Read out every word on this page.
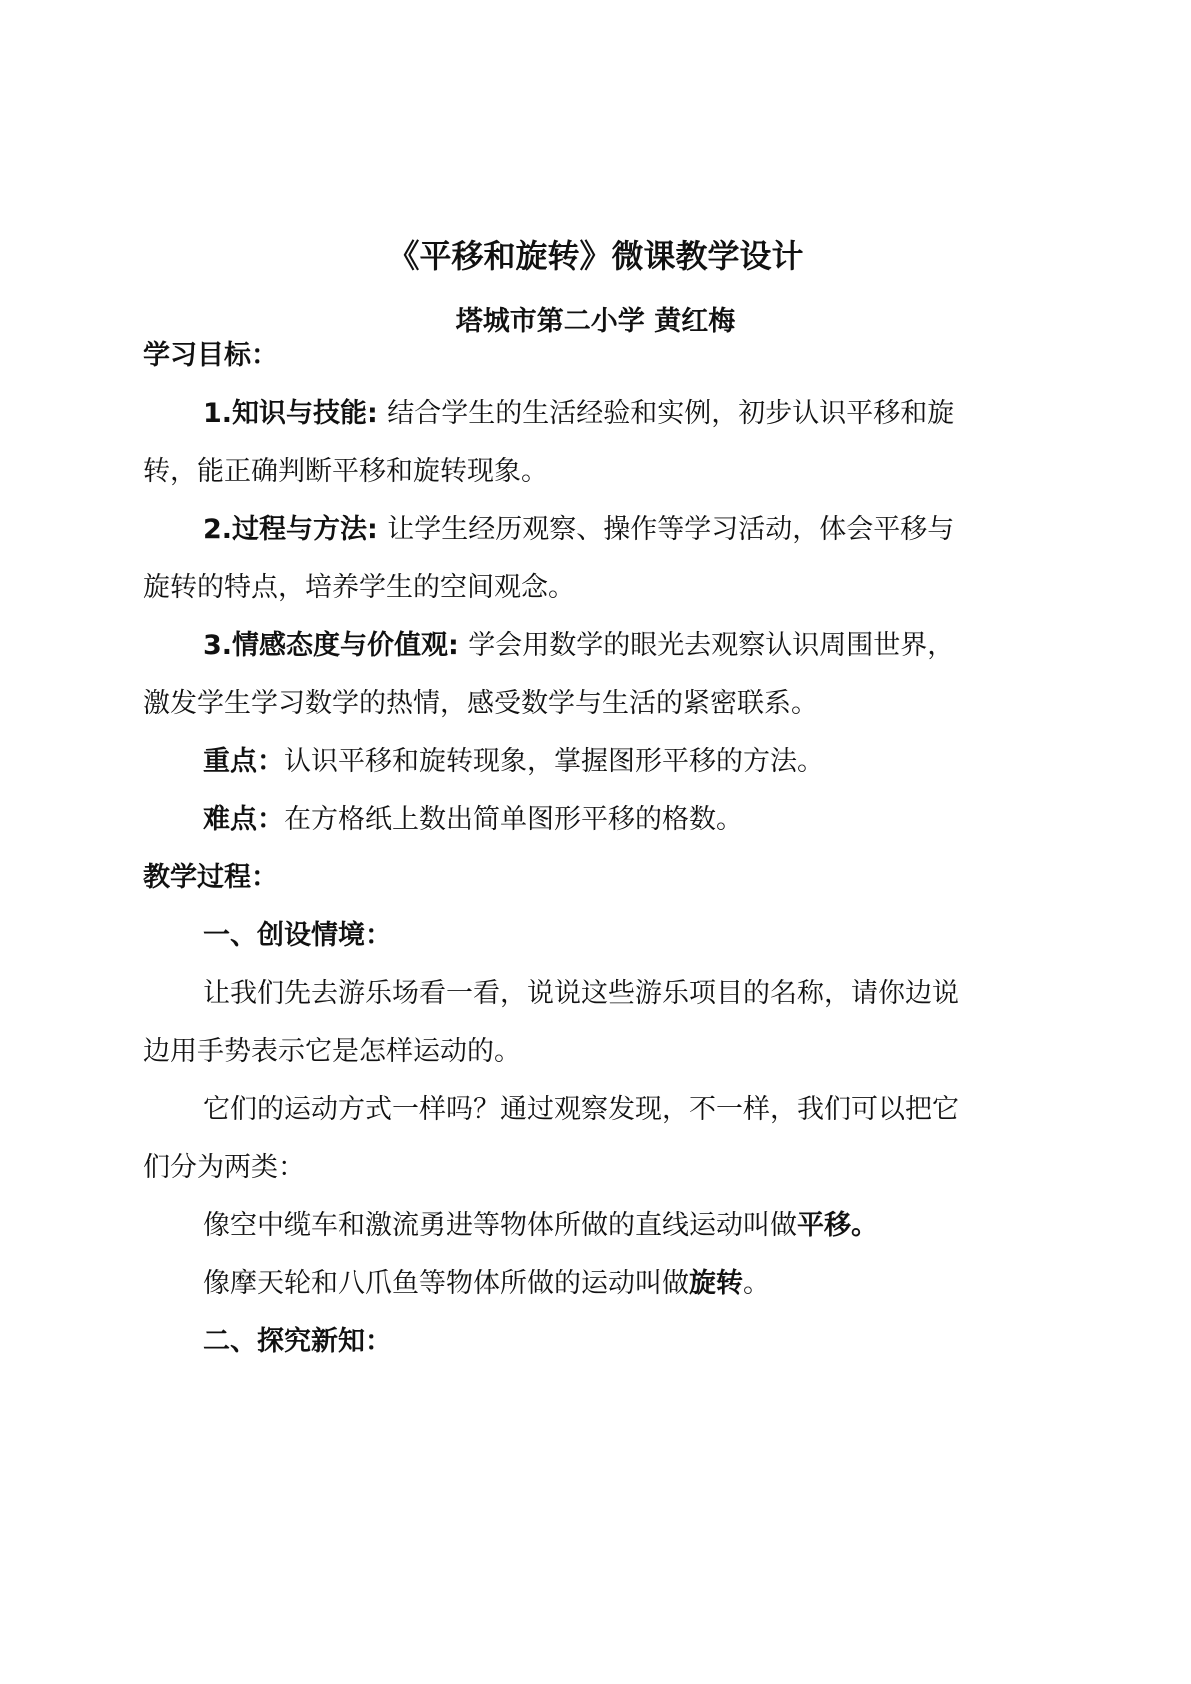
《平移和旋转》微课教学设计
塔城市第二小学 黄红梅
学习目标：
1.知识与技能: 结合学生的生活经验和实例，初步认识平移和旋
转，能正确判断平移和旋转现象。
2.过程与方法: 让学生经历观察、操作等学习活动，体会平移与
旋转的特点，培养学生的空间观念。
3.情感态度与价值观: 学会用数学的眼光去观察认识周围世界，
激发学生学习数学的热情，感受数学与生活的紧密联系。
重点：认识平移和旋转现象，掌握图形平移的方法。
难点：在方格纸上数出简单图形平移的格数。
教学过程：
一、创设情境：
让我们先去游乐场看一看，说说这些游乐项目的名称，请你边说
边用手势表示它是怎样运动的。
它们的运动方式一样吗？通过观察发现，不一样，我们可以把它
们分为两类：
像空中缆车和激流勇进等物体所做的直线运动叫做平移。
像摩天轮和八爪鱼等物体所做的运动叫做旋转。
二、探究新知：
